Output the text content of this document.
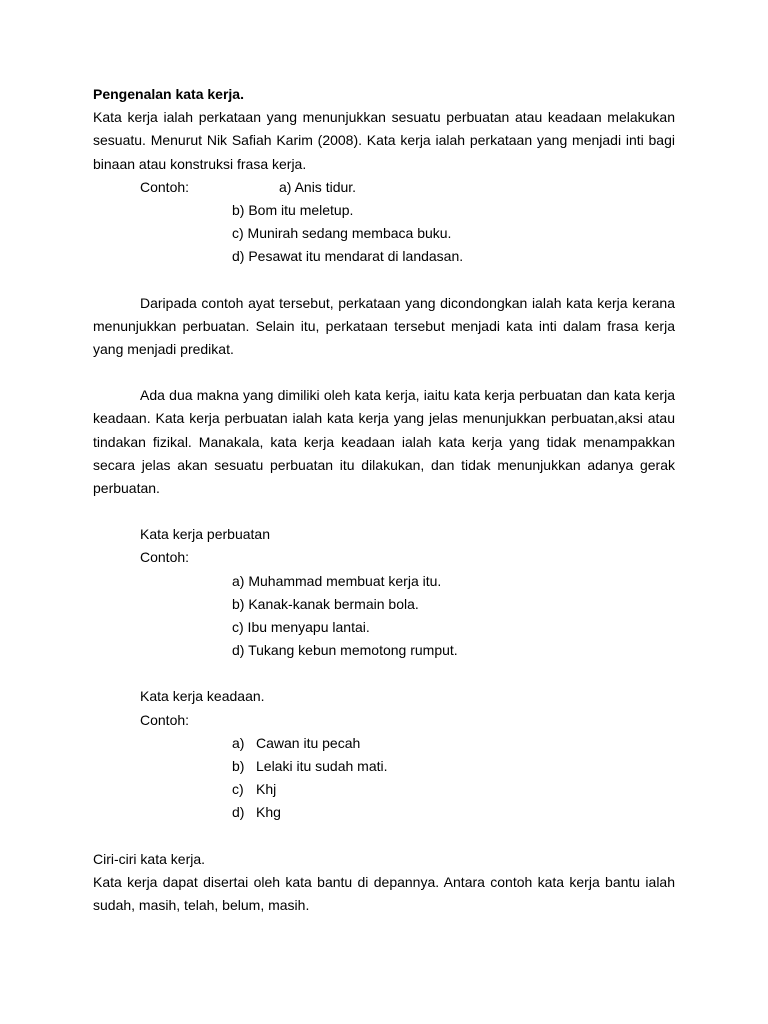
Pengenalan kata kerja.

Kata kerja ialah perkataan yang menunjukkan sesuatu perbuatan atau keadaan melakukan sesuatu. Menurut Nik Safiah Karim (2008). Kata kerja ialah perkataan yang menjadi inti bagi binaan atau konstruksi frasa kerja.

Contoh:	a) Anis tidur.

b) Bom itu meletup.

c) Munirah sedang membaca buku.

d) Pesawat itu mendarat di landasan.

Daripada contoh ayat tersebut, perkataan yang dicondongkan ialah kata kerja kerana menunjukkan perbuatan. Selain itu, perkataan tersebut menjadi kata inti dalam frasa kerja yang menjadi predikat.

Ada dua makna yang dimiliki oleh kata kerja, iaitu kata kerja perbuatan dan kata kerja keadaan. Kata kerja perbuatan ialah kata kerja yang jelas menunjukkan perbuatan,aksi atau tindakan fizikal. Manakala, kata kerja keadaan ialah kata kerja yang tidak menampakkan secara jelas akan sesuatu perbuatan itu dilakukan, dan tidak menunjukkan adanya gerak perbuatan.

Kata kerja perbuatan

Contoh:

a) Muhammad membuat kerja itu.

b) Kanak-kanak bermain bola.

c) Ibu menyapu lantai.

d) Tukang kebun memotong rumput.

Kata kerja keadaan.

Contoh:

a) Cawan itu pecah
b) Lelaki itu sudah mati.
c) Khj
d) Khg

Ciri-ciri kata kerja.

Kata kerja dapat disertai oleh kata bantu di depannya. Antara contoh kata kerja bantu ialah sudah, masih, telah, belum, masih.
